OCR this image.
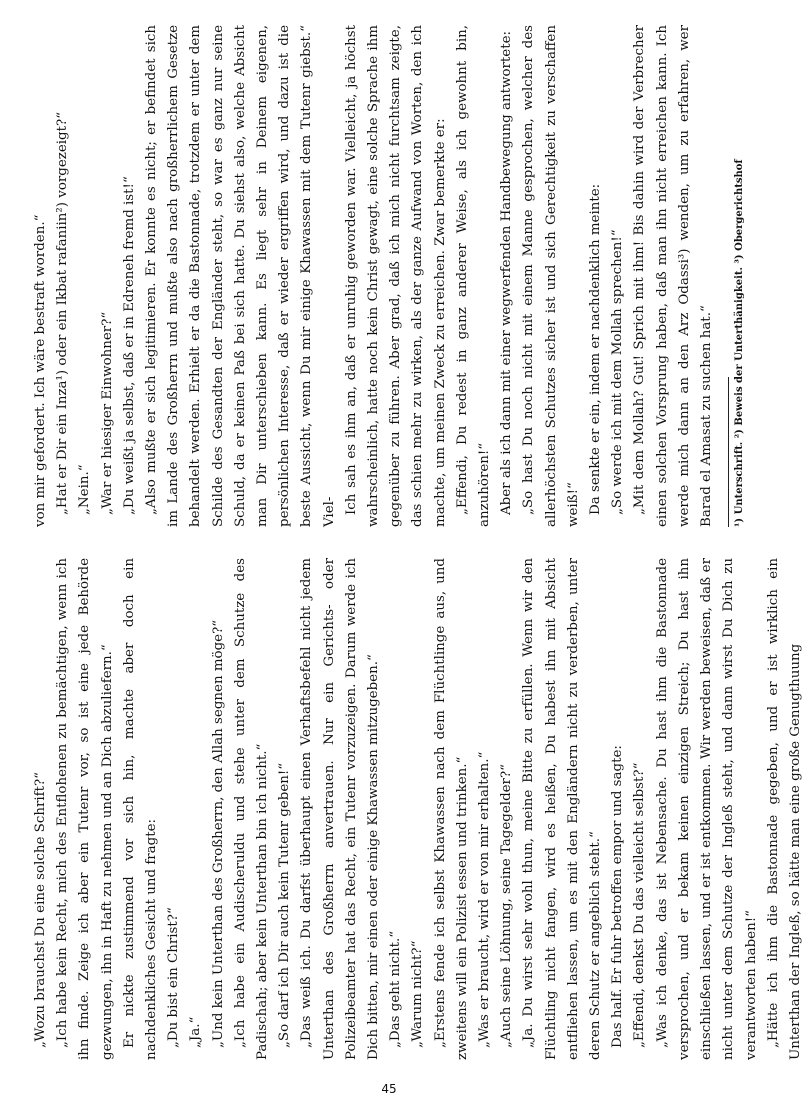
„Wozu brauchst Du eine solche Schrift?“ „Ich habe kein Recht, mich des Entflohenen zu bemächtigen, wenn ich ihn finde. Zeige ich aber ein Tutenr vor, so ist eine jede Behörde gezwungen, ihn in Haft zu nehmen und an Dich abzuliefern.“ Er nickte zustimmend vor sich hin, machte aber doch ein nachdenkliches Gesicht und fragte: „Du bist ein Christ?“ „Ja.“ „Und kein Unterthan des Großherrn, den Allah segnen möge?“ „Ich habe ein Audischeruldu und stehe unter dem Schutze des Padischah; aber kein Unterthan bin ich nicht.“ „So darf ich Dir auch kein Tutenr geben!“ „Das weiß ich. Du darfst überhaupt einen Verhaftsbefehl nicht jedem Unterthan des Großherrn anvertrauen. Nur ein Gerichts- oder Polizeibeamter hat das Recht, ein Tutenr vorzuzeigen. Darum werde ich Dich bitten, mir einen oder einige Khawassen mitzugeben.“ „Das geht nicht.“ „Warum nicht?“ „Erstens fende ich selbst Khawassen nach dem Flüchtlinge aus, und zweitens will ein Polizist essen und trinken.“ „Was er braucht, wird er von mir erhalten.“ „Auch seine Löhnung, seine Tagegelder?“ „Ja. Du wirst sehr wohl thun, meine Bitte zu erfüllen. Wenn wir den Flüchtling nicht fangen, wird es heißen, Du habest ihn mit Absicht entfliehen lassen, um es mit den Engländern nicht zu verderben, unter deren Schutz er angeblich steht.“ Das half. Er fuhr betroffen empor und sagte: „Effendi, denkst Du das vielleicht selbst?“ „Was ich denke, das ist Nebensache. Du hast ihm die Bastonnade versprochen, und er bekam keinen einzigen Streich; Du hast ihn einschließen lassen, und er ist entkommen. Wir werden beweisen, daß er nicht unter dem Schutze der Ingleß steht, und dann wirst Du Dich zu verantworten haben!“ „Hätte ich ihm die Bastonnade gegeben, und er ist wirklich ein Unterthan der Ingleß, so hätte man eine große Genugthuung

von mir gefordert. Ich wäre bestraft worden.“ „Hat er Dir ein Inza¹) oder ein Ikbat rafaniin²) vorgezeigt?“ „Nein.“ „War er hiesiger Einwohner?“ „Du weißt ja selbst, daß er in Edreneh fremd ist!“ „Also mußte er sich legitimieren. Er konnte es nicht; er befindet sich im Lande des Großherrn und mußte also nach großherrlichem Gesetze behandelt werden. Erhielt er da die Bastonnade, trotzdem er unter dem Schilde des Gesandten der Engländer steht, so war es ganz nur seine Schuld, da er keinen Paß bei sich hatte. Du siehst also, welche Absicht man Dir unterschieben kann. Es liegt sehr in Deinem eigenen, persönlichen Interesse, daß er wieder ergriffen wird, und dazu ist die beste Aussicht, wenn Du mir einige Khawassen mit dem Tutenr giebst.“ Viel- Ich sah es ihm an, daß er unruhig geworden war. Vielleicht, ja höchst wahrscheinlich, hatte noch kein Christ gewagt, eine solche Sprache ihm gegenüber zu führen. Aber grad, daß ich mich nicht furchtsam zeigte, das schien mehr zu wirken, als der ganze Aufwand von Worten, den ich machte, um meinen Zweck zu erreichen. Zwar bemerkte er: „Effendi, Du redest in ganz anderer Weise, als ich gewohnt bin, anzuhören!“ Aber als ich dann mit einer wegwerfenden Handbewegung antwortete: „So hast Du noch nicht mit einem Manne gesprochen, welcher des allerhöchsten Schutzes sicher ist und sich Gerechtigkeit zu verschaffen weiß!“ Da senkte er ein, indem er nachdenklich meinte: „So werde ich mit dem Mollah sprechen!“ „Mit dem Mollah? Gut! Sprich mit ihm! Bis dahin wird der Verbrecher einen solchen Vorsprung haben, daß man ihn nicht erreichen kann. Ich werde mich dann an den Arz Odassi³) wenden, um zu erfahren, wer Barad el Amasat zu suchen hat.“	¹) Unterschrift. ²) Beweis der Unterthänigkeit. ³) Obergerichtshof

45
